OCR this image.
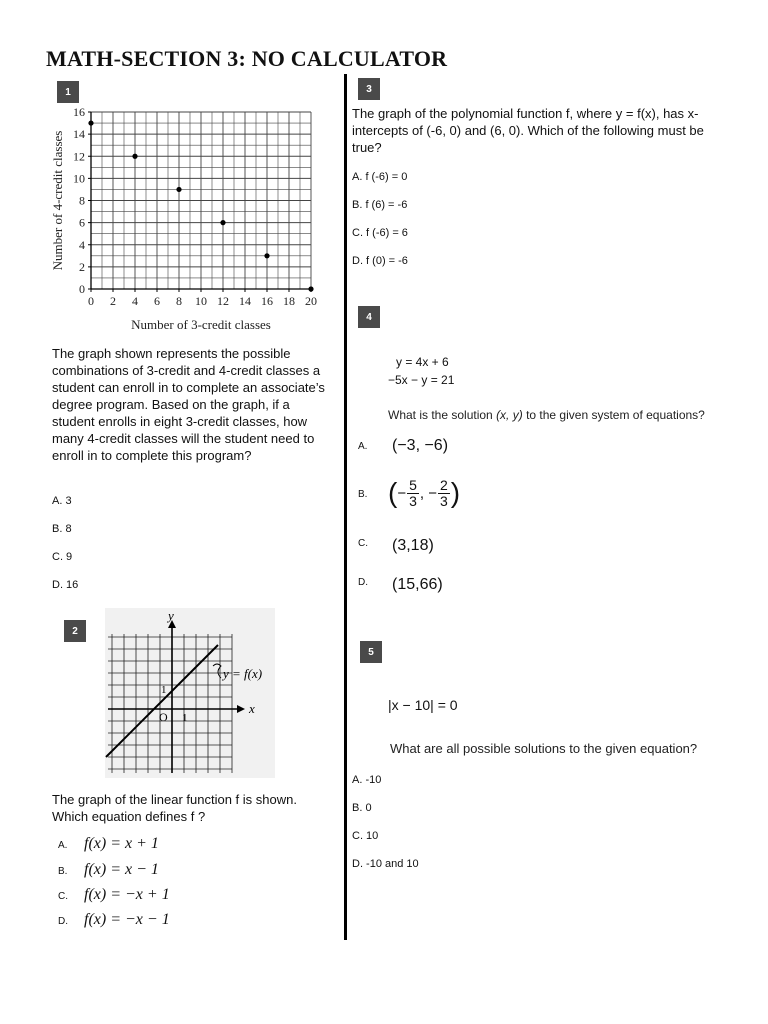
MATH-SECTION 3: NO CALCULATOR
1
0 2 4 6 8 10 12 14 16 18 20
0
2
4
6
8
10
12
14
16
Number of 3-credit classes
Number of 4-credit classes
The graph shown represents the possible combinations of 3-credit and 4-credit classes a student can enroll in to complete an associate’s degree program. Based on the graph, if a student enrolls in eight 3-credit classes, how many 4-credit classes will the student need to enroll in to complete this program?
A. 3
B. 8
C. 9
D. 16
2
y
x
y = f(x)
1
O 1
The graph of the linear function f is shown. Which equation defines f ?
A. f(x) = x + 1
B. f(x) = x − 1
C. f(x) = −x + 1
D. f(x) = −x − 1
3
The graph of the polynomial function f, where y = f(x), has x-intercepts of (-6, 0) and (6, 0). Which of the following must be true?
A. f (-6) = 0
B. f (6) = -6
C. f (-6) = 6
D. f (0) = -6
4
y = 4x + 6
−5x − y = 21
What is the solution (x, y) to the given system of equations?
A. (−3, −6)
B. ( − $\frac{5}{3}$ , − $\frac{2}{3}$ )
C. (3,18)
D. (15,66)
5
|x − 10| = 0
What are all possible solutions to the given equation?
A. -10
B. 0
C. 10
D. -10 and 10
